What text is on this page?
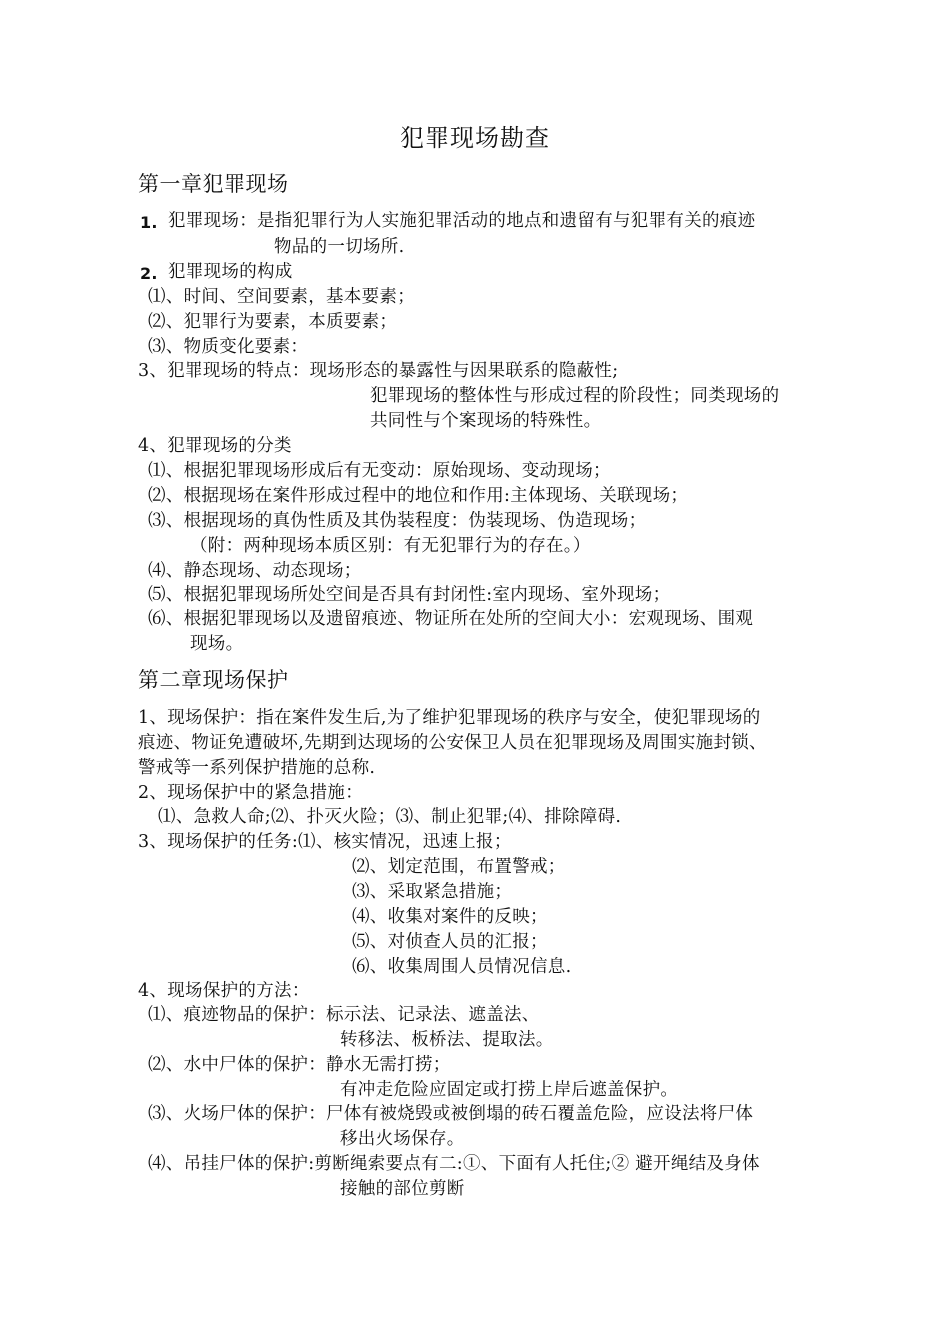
犯罪现场勘查
第一章犯罪现场
1. 犯罪现场：是指犯罪行为人实施犯罪活动的地点和遗留有与犯罪有关的痕迹
物品的一切场所.
2. 犯罪现场的构成
⑴、时间、空间要素，基本要素；
⑵、犯罪行为要素，本质要素；
⑶、物质变化要素：
3、犯罪现场的特点：现场形态的暴露性与因果联系的隐蔽性;
犯罪现场的整体性与形成过程的阶段性；同类现场的
共同性与个案现场的特殊性。
4、犯罪现场的分类
⑴、根据犯罪现场形成后有无变动：原始现场、变动现场；
⑵、根据现场在案件形成过程中的地位和作用:主体现场、关联现场；
⑶、根据现场的真伪性质及其伪装程度：伪装现场、伪造现场；
（附：两种现场本质区别：有无犯罪行为的存在。）
⑷、静态现场、动态现场；
⑸、根据犯罪现场所处空间是否具有封闭性:室内现场、室外现场；
⑹、根据犯罪现场以及遗留痕迹、物证所在处所的空间大小：宏观现场、围观
现场。
第二章现场保护
1、现场保护：指在案件发生后,为了维护犯罪现场的秩序与安全，使犯罪现场的
痕迹、物证免遭破坏,先期到达现场的公安保卫人员在犯罪现场及周围实施封锁、
警戒等一系列保护措施的总称.
2、现场保护中的紧急措施：
⑴、急救人命;⑵、扑灭火险；⑶、制止犯罪;⑷、排除障碍.
3、现场保护的任务:⑴、核实情况，迅速上报；
⑵、划定范围，布置警戒；
⑶、采取紧急措施；
⑷、收集对案件的反映；
⑸、对侦查人员的汇报；
⑹、收集周围人员情况信息.
4、现场保护的方法：
⑴、痕迹物品的保护：标示法、记录法、遮盖法、
转移法、板桥法、提取法。
⑵、水中尸体的保护：静水无需打捞；
有冲走危险应固定或打捞上岸后遮盖保护。
⑶、火场尸体的保护：尸体有被烧毁或被倒塌的砖石覆盖危险，应设法将尸体
移出火场保存。
⑷、吊挂尸体的保护:剪断绳索要点有二:①、下面有人托住;② 避开绳结及身体
接触的部位剪断
